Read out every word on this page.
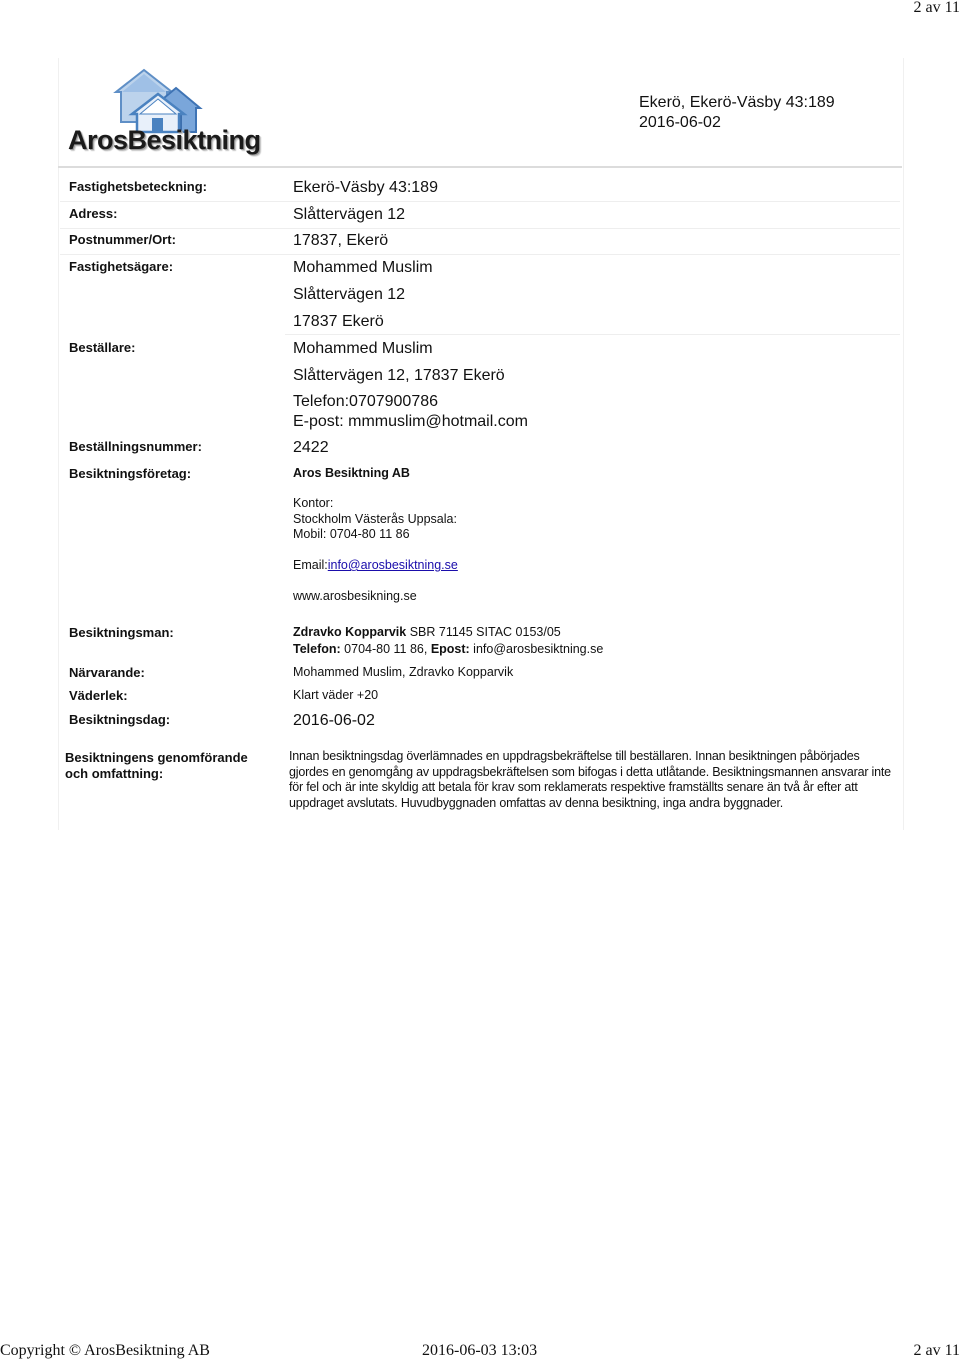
2 av 11
ArosBesiktning
Ekerö, Ekerö-Väsby 43:189
2016-06-02
Fastighetsbeteckning:	Ekerö-Väsby 43:189
Adress:	Slåttervägen 12
Postnummer/Ort:	17837, Ekerö
Fastighetsägare:	Mohammed Muslim
Slåttervägen 12
17837 Ekerö
Beställare:	Mohammed Muslim
Slåttervägen 12, 17837 Ekerö
Telefon:0707900786
E-post: mmmuslim@hotmail.com
Beställningsnummer:	2422
Besiktningsföretag:	Aros Besiktning AB
Kontor:
Stockholm Västerås Uppsala:
Mobil: 0704-80 11 86
Email:info@arosbesiktning.se
www.arosbesikning.se
Besiktningsman:	Zdravko Kopparvik SBR 71145 SITAC 0153/05
Telefon: 0704-80 11 86, Epost: info@arosbesiktning.se
Närvarande:	Mohammed Muslim, Zdravko Kopparvik
Väderlek:	Klart väder +20
Besiktningsdag:	2016-06-02
Besiktningens genomförande och omfattning:
Innan besiktningsdag överlämnades en uppdragsbekräftelse till beställaren. Innan besiktningen påbörjades gjordes en genomgång av uppdragsbekräftelsen som bifogas i detta utlåtande. Besiktningsmannen ansvarar inte för fel och är inte skyldig att betala för krav som reklamerats respektive framställts senare än två år efter att uppdraget avslutats. Huvudbyggnaden omfattas av denna besiktning, inga andra byggnader.
Copyright © ArosBesiktning AB	2016-06-03 13:03	2 av 11
